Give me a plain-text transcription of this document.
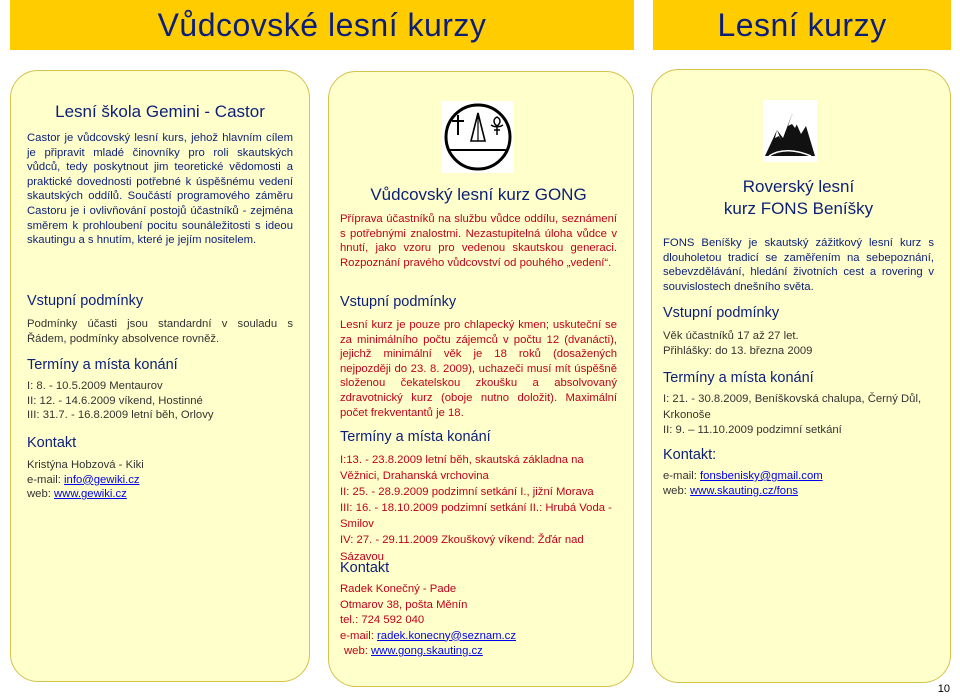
Vůdcovské lesní kurzy	Lesní kurzy
Lesní škola Gemini - Castor
Castor je vůdcovský lesní kurs, jehož hlavním cílem je připravit mladé činovníky pro roli skautských vůdců, tedy poskytnout jim teoretické vědomosti a praktické dovednosti potřebné k úspěšnému vedení skautských oddílů. Součástí programového záměru Castoru je i ovlivňování postojů účastníků - zejména směrem k prohloubení pocitu sounáležitosti s ideou skautingu a s hnutím, které je jejím nositelem.
Vstupní podmínky
Podmínky účasti jsou standardní v souladu s Řádem, podmínky absolvence rovněž.
Termíny a místa konání
I: 8. - 10.5.2009 Mentaurov
II: 12. - 14.6.2009 víkend, Hostinné
III: 31.7. - 16.8.2009 letní běh, Orlovy
Kontakt
Kristýna Hobzová - Kiki
e-mail: info@gewiki.cz
web: www.gewiki.cz
Vůdcovský lesní kurz GONG
Příprava účastníků na službu vůdce oddílu, seznámení s potřebnými znalostmi. Nezastupitelná úloha vůdce v hnutí, jako vzoru pro vedenou skautskou generaci. Rozpoznání pravého vůdcovství od pouhého „vedení“.
Vstupní podmínky
Lesní kurz je pouze pro chlapecký kmen; uskuteční se za minimálního počtu zájemců v počtu 12 (dvanácti), jejichž minimální věk je 18 roků (dosažených nejpozději do 23. 8. 2009), uchazeči musí mít úspěšně složenou čekatelskou zkoušku a absolvovaný zdravotnický kurz (oboje nutno doložit). Maximální počet frekventantů je 18.
Termíny a místa konání
I:13. - 23.8.2009 letní běh, skautská základna na Věžnici, Drahanská vrchovina
II: 25. - 28.9.2009 podzimní setkání I., jižní Morava
III: 16. - 18.10.2009 podzimní setkání II.: Hrubá Voda - Smilov
IV: 27. - 29.11.2009 Zkouškový víkend: Žďár nad Sázavou
Kontakt
Radek Konečný - Pade
Otmarov 38, pošta Měnín
tel.: 724 592 040
e-mail: radek.konecny@seznam.cz
web: www.gong.skauting.cz
Roverský lesní
kurz FONS Beníšky
FONS Beníšky je skautský zážitkový lesní kurz s dlouholetou tradicí se zaměřením na sebepoznání, sebevzdělávání, hledání životních cest a rovering v souvislostech dnešního světa.
Vstupní podmínky
Věk účastníků 17 až 27 let.
Přihlášky: do 13. března 2009
Termíny a místa konání
I: 21. - 30.8.2009, Beníškovská chalupa, Černý Důl, Krkonoše
II: 9. – 11.10.2009 podzimní setkání
Kontakt:
e-mail: fonsbenisky@gmail.com
web: www.skauting.cz/fons
10
